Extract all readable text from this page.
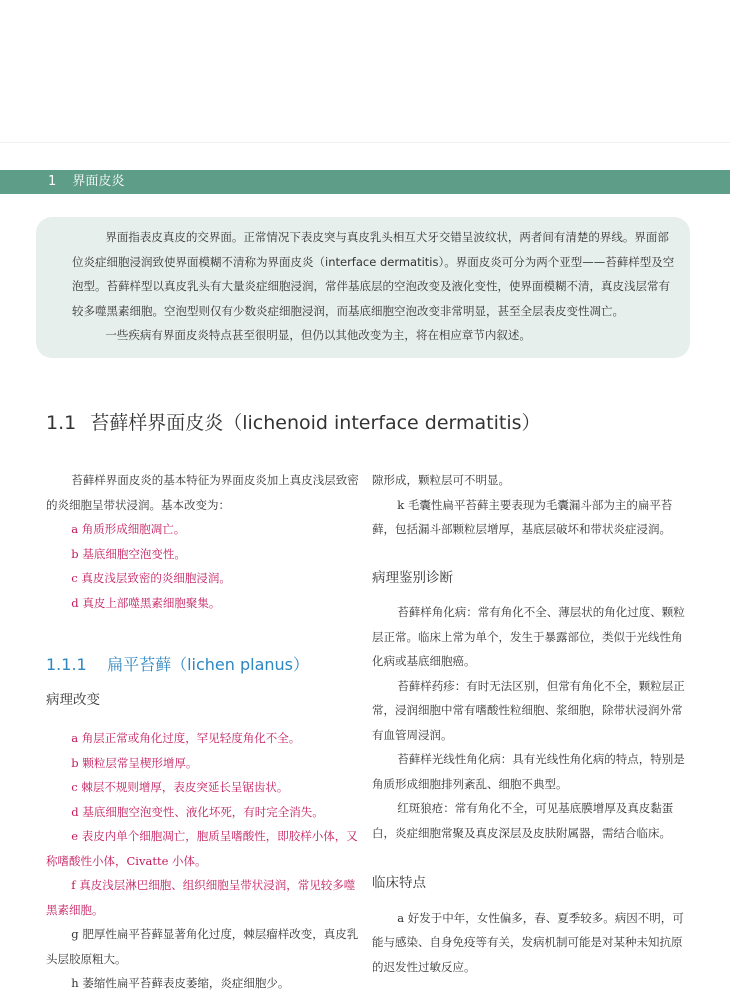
1 界面皮炎

界面指表皮真皮的交界面。正常情况下表皮突与真皮乳头相互犬牙交错呈波纹状，两者间有清楚的界线。界面部位炎症细胞浸润致使界面模糊不清称为界面皮炎（interface dermatitis）。界面皮炎可分为两个亚型——苔藓样型及空泡型。苔藓样型以真皮乳头有大量炎症细胞浸润，常伴基底层的空泡改变及液化变性，使界面模糊不清，真皮浅层常有较多噬黑素细胞。空泡型则仅有少数炎症细胞浸润，而基底细胞空泡改变非常明显，甚至全层表皮变性凋亡。

一些疾病有界面皮炎特点甚至很明显，但仍以其他改变为主，将在相应章节内叙述。

1.1 苔藓样界面皮炎（lichenoid interface dermatitis）

苔藓样界面皮炎的基本特征为界面皮炎加上真皮浅层致密的炎细胞呈带状浸润。基本改变为：

a 角质形成细胞凋亡。

b 基底细胞空泡变性。

c 真皮浅层致密的炎细胞浸润。

d 真皮上部噬黑素细胞聚集。

1.1.1 扁平苔藓（lichen planus）

病理改变

a 角层正常或角化过度，罕见轻度角化不全。

b 颗粒层常呈楔形增厚。

c 棘层不规则增厚，表皮突延长呈锯齿状。

d 基底细胞空泡变性、液化坏死，有时完全消失。

e 表皮内单个细胞凋亡，胞质呈嗜酸性，即胶样小体，又称嗜酸性小体，Civatte 小体。

f 真皮浅层淋巴细胞、组织细胞呈带状浸润，常见较多噬黑素细胞。

g 肥厚性扁平苔藓显著角化过度，棘层瘤样改变，真皮乳头层胶原粗大。

h 萎缩性扁平苔藓表皮萎缩，炎症细胞少。

隙形成，颗粒层可不明显。

k 毛囊性扁平苔藓主要表现为毛囊漏斗部为主的扁平苔藓，包括漏斗部颗粒层增厚，基底层破坏和带状炎症浸润。

病理鉴别诊断

苔藓样角化病：常有角化不全、薄层状的角化过度、颗粒层正常。临床上常为单个，发生于暴露部位，类似于光线性角化病或基底细胞癌。

苔藓样药疹：有时无法区别，但常有角化不全，颗粒层正常，浸润细胞中常有嗜酸性粒细胞、浆细胞，除带状浸润外常有血管周浸润。

苔藓样光线性角化病：具有光线性角化病的特点，特别是角质形成细胞排列紊乱、细胞不典型。

红斑狼疮：常有角化不全，可见基底膜增厚及真皮黏蛋白，炎症细胞常聚及真皮深层及皮肤附属器，需结合临床。

临床特点

a 好发于中年，女性偏多，春、夏季较多。病因不明，可能与感染、自身免疫等有关，发病机制可能是对某种未知抗原的迟发性过敏反应。
